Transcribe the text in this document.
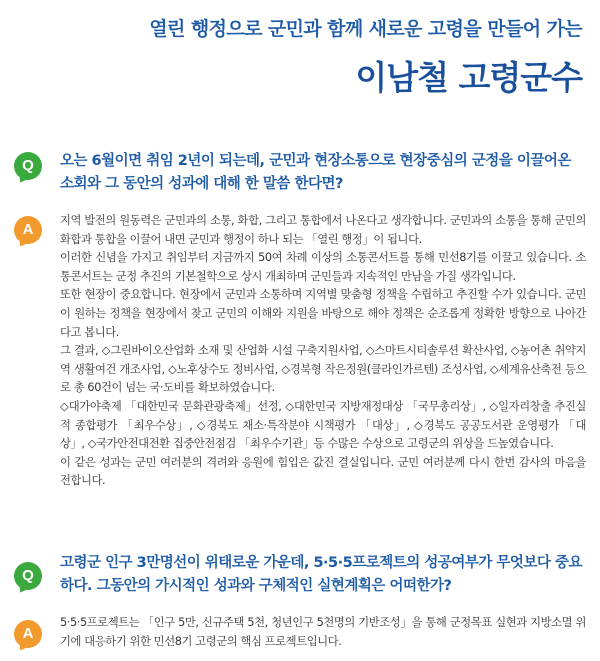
열린 행정으로 군민과 함께 새로운 고령을 만들어 가는
이남철 고령군수
Q	오는 6월이면 취임 2년이 되는데, 군민과 현장소통으로 현장중심의 군정을 이끌어온 소회와 그 동안의 성과에 대해 한 말씀 한다면?
A

지역 발전의 원동력은 군민과의 소통, 화합, 그리고 통합에서 나온다고 생각합니다. 군민과의 소통을 통해 군민의 화합과 통합을 이끌어 내면 군민과 행정이 하나 되는 「열린 행정」이 됩니다.

이러한 신념을 가지고 취임부터 지금까지 50여 차례 이상의 소통콘서트를 통해 민선8기를 이끌고 있습니다. 소통콘서트는 군정 추진의 기본철학으로 상시 개최하며 군민들과 지속적인 만남을 가질 생각입니다.

또한 현장이 중요합니다. 현장에서 군민과 소통하며 지역별 맞춤형 정책을 수립하고 추진할 수가 있습니다. 군민이 원하는 정책을 현장에서 찾고 군민의 이해와 지원을 바탕으로 해야 정책은 순조롭게 정확한 방향으로 나아간다고 봅니다.

그 결과, ◇그린바이오산업화 소재 및 산업화 시설 구축지원사업, ◇스마트시티솔루션 확산사업, ◇농어촌 취약지역 생활여건 개조사업, ◇노후상수도 정비사업, ◇경북형 작은정원(클라인가르텐) 조성사업, ◇세계유산축전 등으로 총 60건이 넘는 국·도비를 확보하였습니다.

◇대가야축제 「대한민국 문화관광축제」선정, ◇대한민국 지방재정대상 「국무총리상」, ◇일자리창출 추진실적 종합평가 「최우수상」, ◇경북도 채소·특작분야 시책평가 「대상」, ◇경북도 공공도서관 운영평가 「대상」, ◇국가안전대전환 집중안전점검 「최우수기관」등 수많은 수상으로 고령군의 위상을 드높였습니다.

이 같은 성과는 군민 여러분의 격려와 응원에 힘입은 값진 결실입니다. 군민 여러분께 다시 한번 감사의 마음을 전합니다.

Q
고령군 인구 3만명선이 위태로운 가운데, 5·5·5프로젝트의 성공여부가 무엇보다 중요하다. 그동안의 가시적인 성과와 구체적인 실현계획은 어떠한가?
A

5·5·5프로젝트는 「인구 5만, 신규주택 5천, 청년인구 5천명의 기반조성」을 통해 군정목표 실현과 지방소멸 위기에 대응하기 위한 민선8기 고령군의 핵심 프로젝트입니다.
